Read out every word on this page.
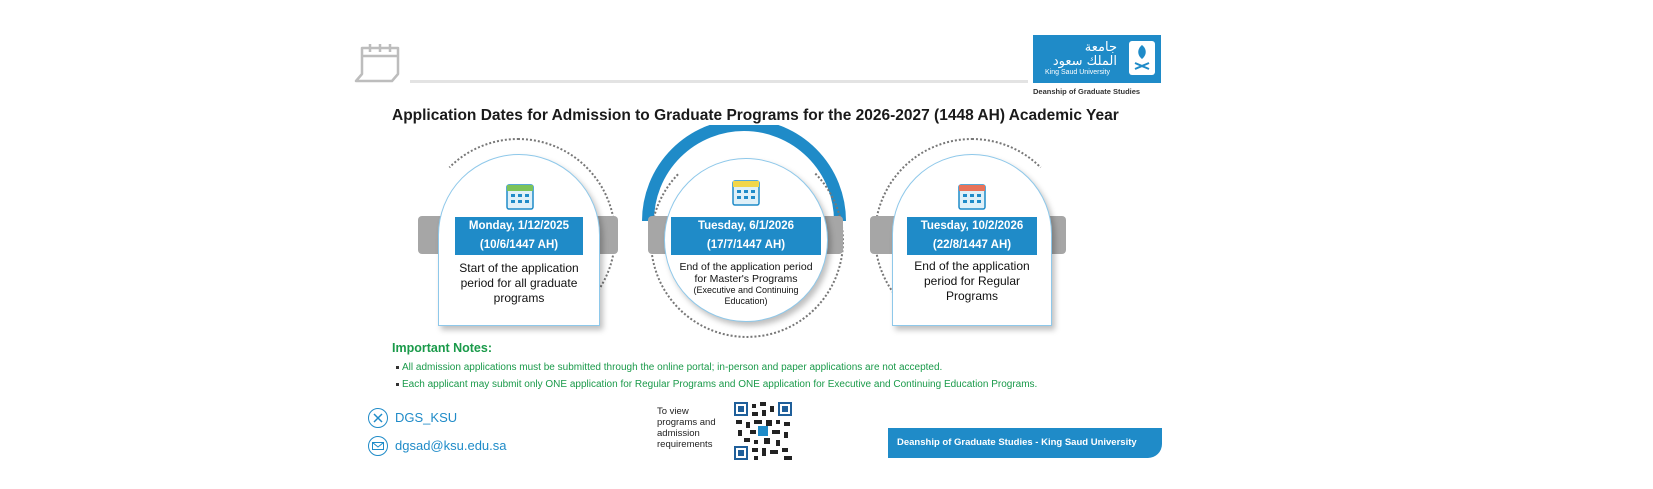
جامعة
الملك سعود
King Saud University
Deanship of Graduate Studies
Application Dates for Admission to Graduate Programs for the 2026-2027 (1448 AH) Academic Year
Monday, 1/12/2025
(10/6/1447 AH)
Start of the application
period for all graduate
programs
Tuesday, 6/1/2026
(17/7/1447 AH)
End of the application period
for Master's Programs
(Executive and Continuing
Education)
Tuesday, 10/2/2026
(22/8/1447 AH)
End of the application
period for Regular
Programs
Important Notes:
All admission applications must be submitted through the online portal; in-person and paper applications are not accepted.
Each applicant may submit only ONE application for Regular Programs and ONE application for Executive and Continuing Education Programs.
DGS_KSU
dgsad@ksu.edu.sa
To view
programs and
admission
requirements	Deanship of Graduate Studies - King Saud University
